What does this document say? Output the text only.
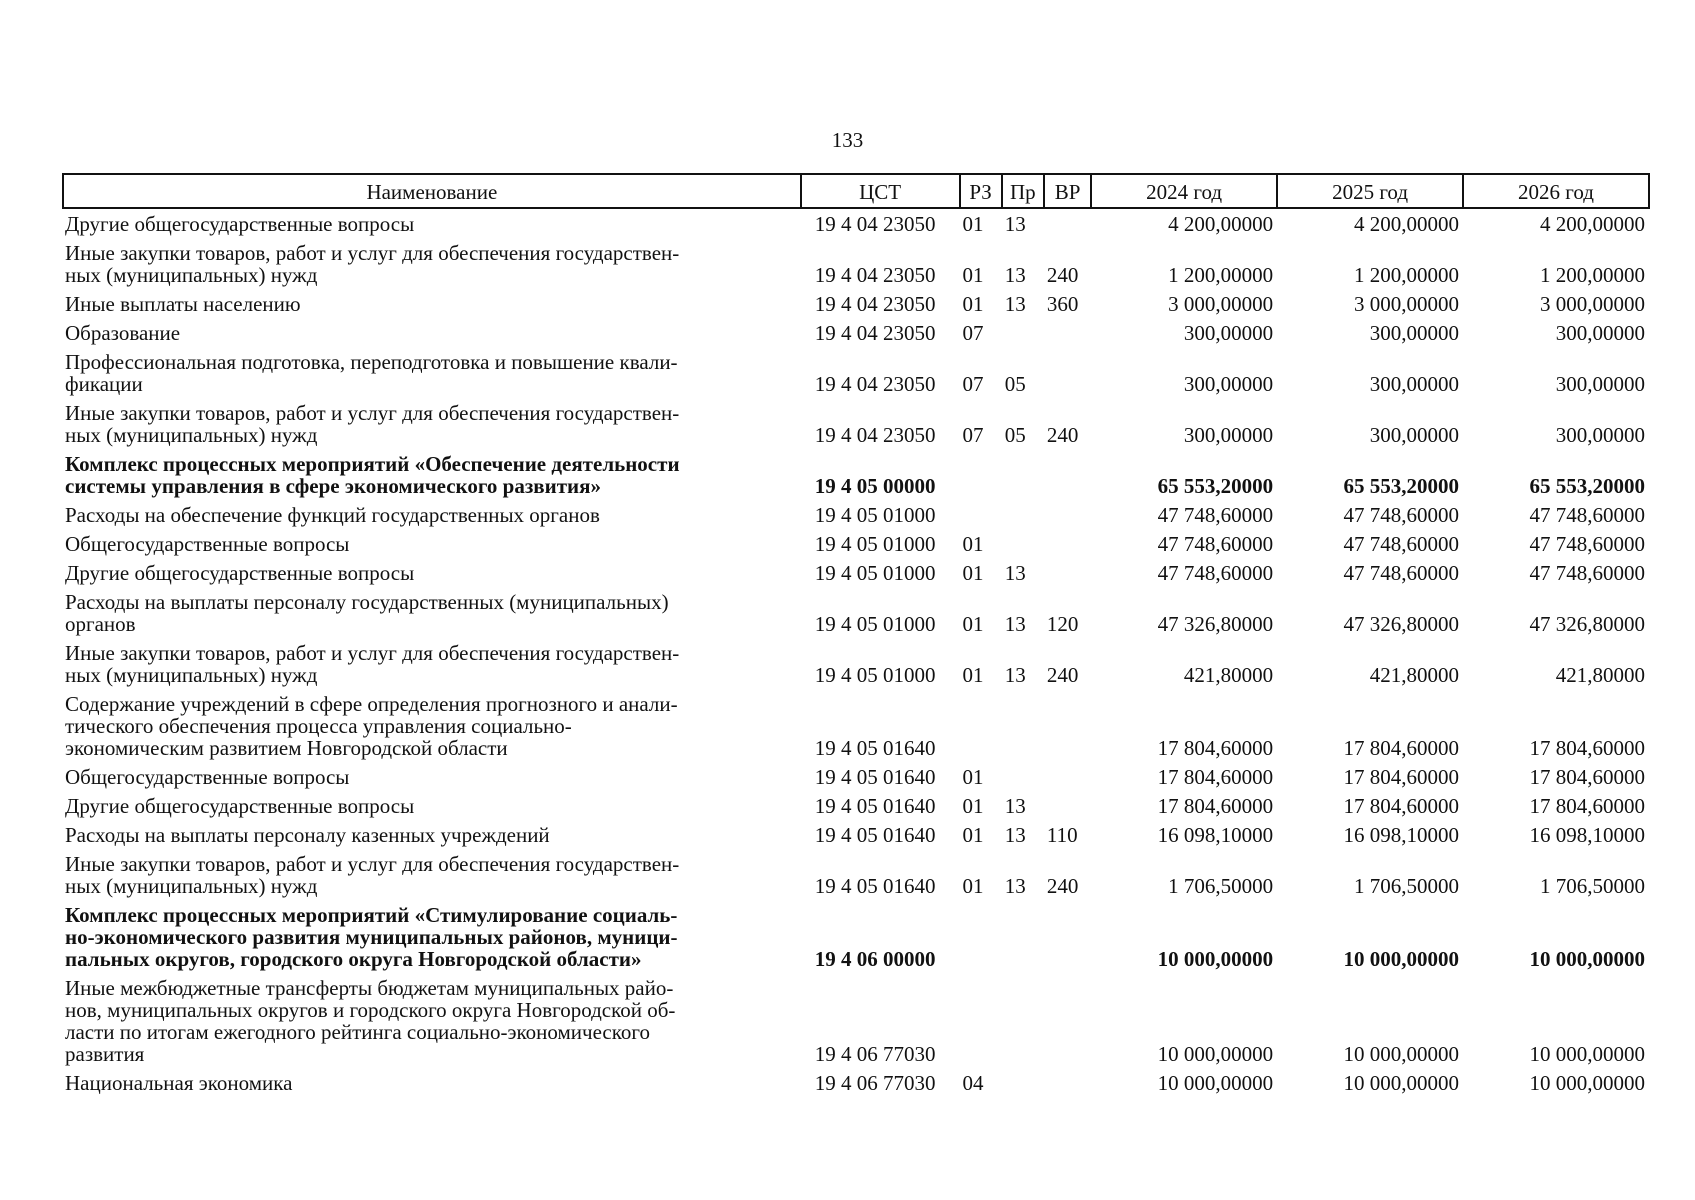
133
Наименование	ЦСТ	РЗ	Пр	ВР	2024 год	2025 год	2026 год

Другие общегосударственные вопросы	19 4 04 23050	01	13		4 200,00000	4 200,00000	4 200,00000

Иные закупки товаров, работ и услуг для обеспечения государствен-
ных (муниципальных) нужд	19 4 04 23050	01	13	240	1 200,00000	1 200,00000	1 200,00000

Иные выплаты населению	19 4 04 23050	01	13	360	3 000,00000	3 000,00000	3 000,00000

Образование	19 4 04 23050	07			300,00000	300,00000	300,00000

Профессиональная подготовка, переподготовка и повышение квали-
фикации	19 4 04 23050	07	05		300,00000	300,00000	300,00000

Иные закупки товаров, работ и услуг для обеспечения государствен-
ных (муниципальных) нужд	19 4 04 23050	07	05	240	300,00000	300,00000	300,00000

Комплекс процессных мероприятий «Обеспечение деятельности
системы управления в сфере экономического развития»	19 4 05 00000				65 553,20000	65 553,20000	65 553,20000

Расходы на обеспечение функций государственных органов	19 4 05 01000				47 748,60000	47 748,60000	47 748,60000

Общегосударственные вопросы	19 4 05 01000	01			47 748,60000	47 748,60000	47 748,60000

Другие общегосударственные вопросы	19 4 05 01000	01	13		47 748,60000	47 748,60000	47 748,60000

Расходы на выплаты персоналу государственных (муниципальных)
органов	19 4 05 01000	01	13	120	47 326,80000	47 326,80000	47 326,80000

Иные закупки товаров, работ и услуг для обеспечения государствен-
ных (муниципальных) нужд	19 4 05 01000	01	13	240	421,80000	421,80000	421,80000

Содержание учреждений в сфере определения прогнозного и анали-
тического обеспечения процесса управления социально-
экономическим развитием Новгородской области	19 4 05 01640				17 804,60000	17 804,60000	17 804,60000

Общегосударственные вопросы	19 4 05 01640	01			17 804,60000	17 804,60000	17 804,60000

Другие общегосударственные вопросы	19 4 05 01640	01	13		17 804,60000	17 804,60000	17 804,60000

Расходы на выплаты персоналу казенных учреждений	19 4 05 01640	01	13	110	16 098,10000	16 098,10000	16 098,10000

Иные закупки товаров, работ и услуг для обеспечения государствен-
ных (муниципальных) нужд	19 4 05 01640	01	13	240	1 706,50000	1 706,50000	1 706,50000

Комплекс процессных мероприятий «Стимулирование социаль-
но-экономического развития муниципальных районов, муници-
пальных округов, городского округа Новгородской области»	19 4 06 00000				10 000,00000	10 000,00000	10 000,00000

Иные межбюджетные трансферты бюджетам муниципальных райо-
нов, муниципальных округов и городского округа Новгородской об-
ласти по итогам ежегодного рейтинга социально-экономического
развития	19 4 06 77030				10 000,00000	10 000,00000	10 000,00000

Национальная экономика	19 4 06 77030	04			10 000,00000	10 000,00000	10 000,00000
